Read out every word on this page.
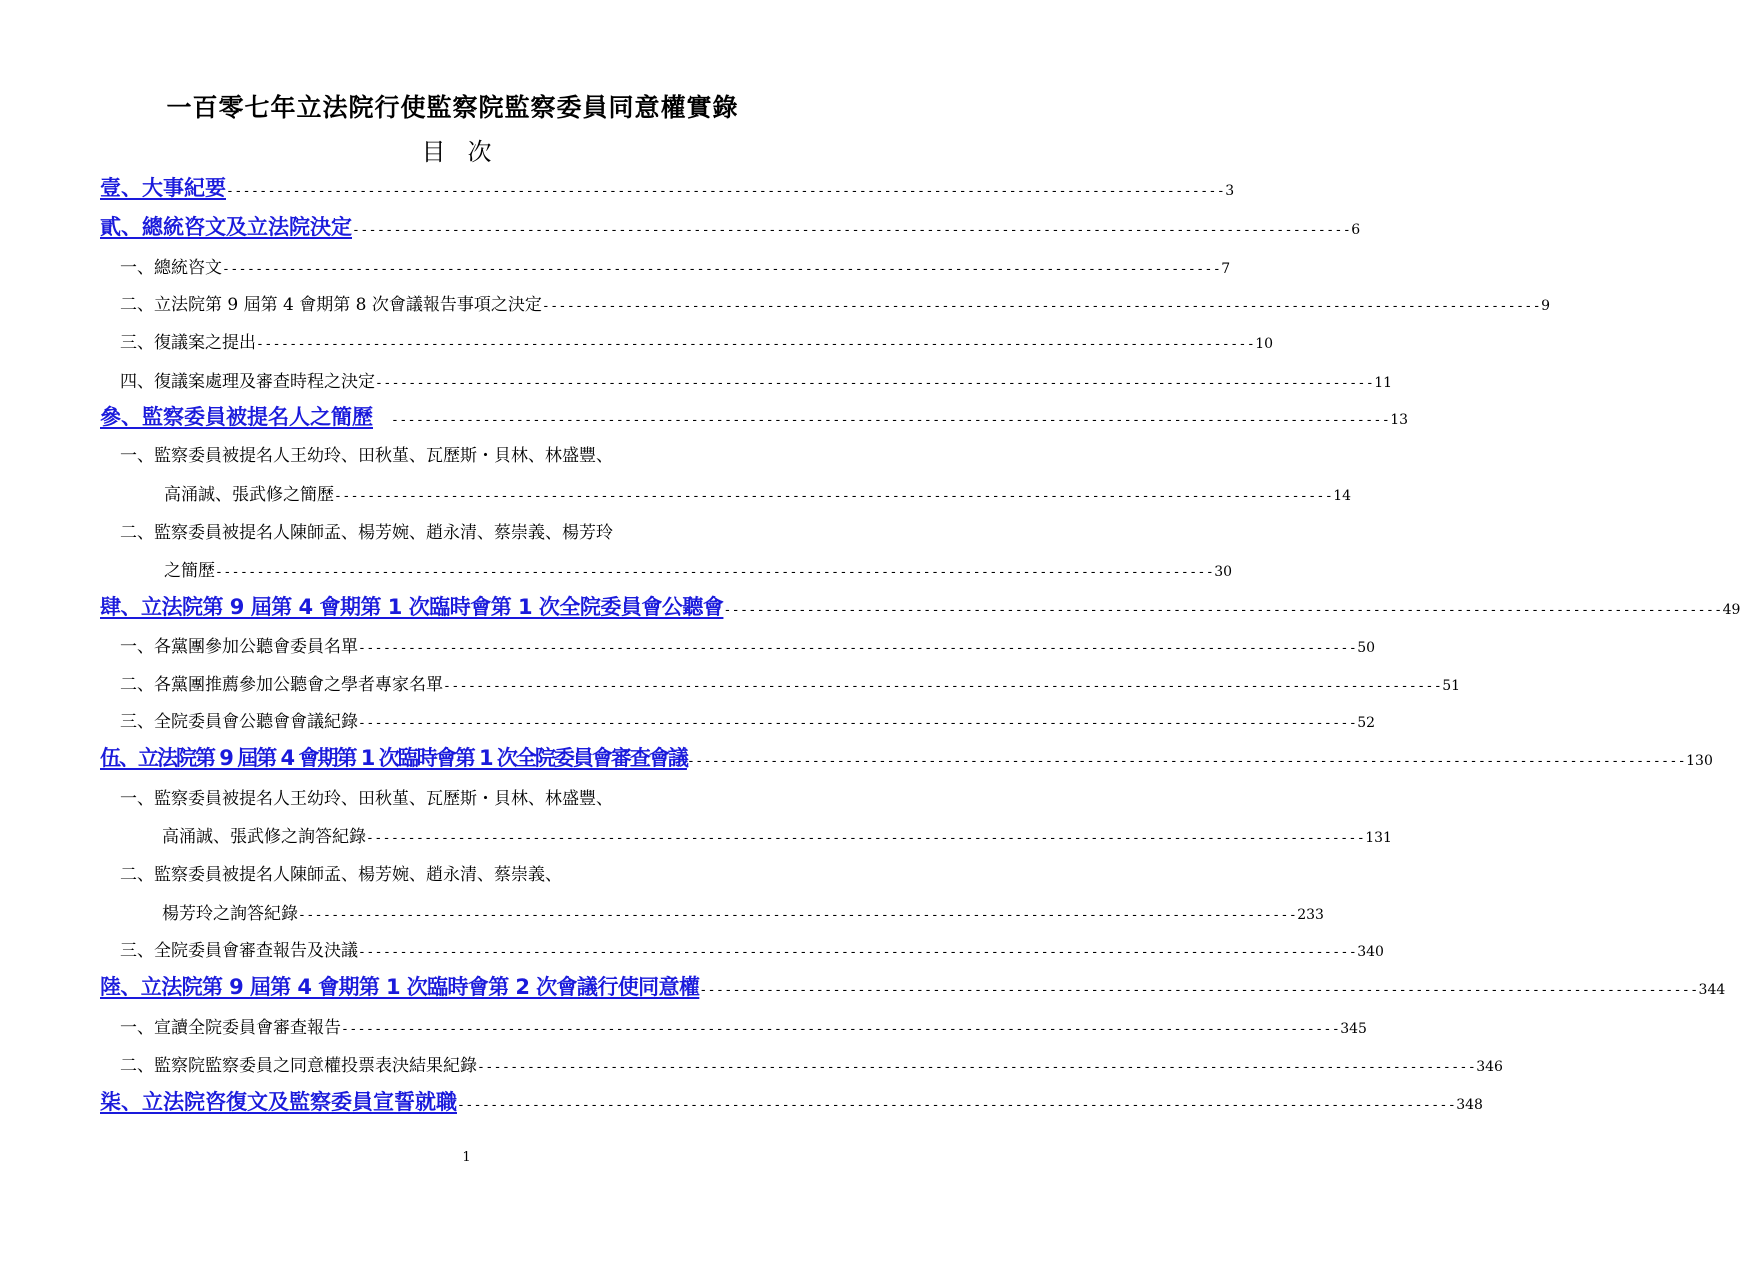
一百零七年立法院行使監察院監察委員同意權實錄
目次
壹、大事紀要 ------------------------------------------------------------------------------------------------------------------------ 3
貳、總統咨文及立法院決定 ------------------------------------------------------------------------------------------------------------------------ 6
一、總統咨文 ------------------------------------------------------------------------------------------------------------------------ 7
二、立法院第 9 屆第 4 會期第 8 次會議報告事項之決定 ------------------------------------------------------------------------------------------------------------------------ 9
三、復議案之提出 ------------------------------------------------------------------------------------------------------------------------ 10
四、復議案處理及審查時程之決定 ------------------------------------------------------------------------------------------------------------------------ 11
參、監察委員被提名人之簡歷 ------------------------------------------------------------------------------------------------------------------------ 13
一、監察委員被提名人王幼玲、田秋堇、瓦歷斯・貝林、林盛豐、
高涌誠、張武修之簡歷 ------------------------------------------------------------------------------------------------------------------------ 14
二、監察委員被提名人陳師孟、楊芳婉、趙永清、蔡崇義、楊芳玲
之簡歷 ------------------------------------------------------------------------------------------------------------------------ 30
肆、立法院第 9 屆第 4 會期第 1 次臨時會第 1 次全院委員會公聽會 ------------------------------------------------------------------------------------------------------------------------ 49
一、各黨團參加公聽會委員名單 ------------------------------------------------------------------------------------------------------------------------ 50
二、各黨團推薦參加公聽會之學者專家名單 ------------------------------------------------------------------------------------------------------------------------ 51
三、全院委員會公聽會會議紀錄 ------------------------------------------------------------------------------------------------------------------------ 52
伍、立法院第 9 屆第 4 會期第 1 次臨時會第 1 次全院委員會審查會議 ------------------------------------------------------------------------------------------------------------------------ 130
一、監察委員被提名人王幼玲、田秋堇、瓦歷斯・貝林、林盛豐、
高涌誠、張武修之詢答紀錄 ------------------------------------------------------------------------------------------------------------------------ 131
二、監察委員被提名人陳師孟、楊芳婉、趙永清、蔡崇義、
楊芳玲之詢答紀錄 ------------------------------------------------------------------------------------------------------------------------ 233
三、全院委員會審查報告及決議 ------------------------------------------------------------------------------------------------------------------------ 340
陸、立法院第 9 屆第 4 會期第 1 次臨時會第 2 次會議行使同意權 ------------------------------------------------------------------------------------------------------------------------ 344
一、宣讀全院委員會審查報告 ------------------------------------------------------------------------------------------------------------------------ 345
二、監察院監察委員之同意權投票表決結果紀錄 ------------------------------------------------------------------------------------------------------------------------ 346
柒、立法院咨復文及監察委員宣誓就職 ------------------------------------------------------------------------------------------------------------------------ 348
1
